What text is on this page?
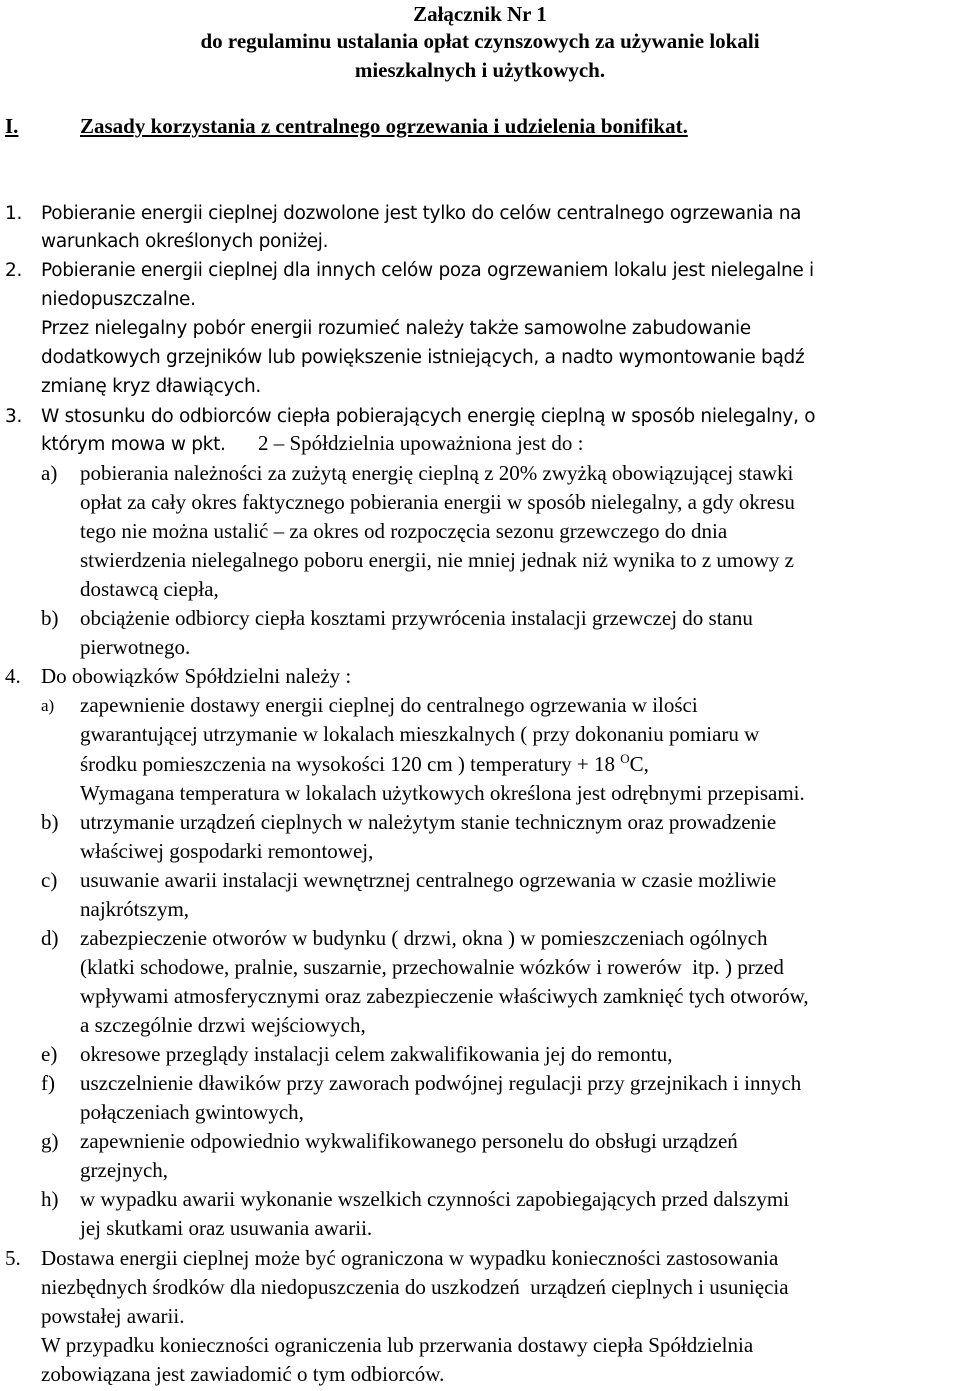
Załącznik Nr 1
do regulaminu ustalania opłat czynszowych za używanie lokali
mieszkalnych i użytkowych.
I.	Zasady korzystania z centralnego ogrzewania i udzielenia bonifikat.
1. Pobieranie energii cieplnej dozwolone jest tylko do celów centralnego ogrzewania na
warunkach określonych poniżej.
2. Pobieranie energii cieplnej dla innych celów poza ogrzewaniem lokalu jest nielegalne i
niedopuszczalne.
Przez nielegalny pobór energii rozumieć należy także samowolne zabudowanie
dodatkowych grzejników lub powiększenie istniejących, a nadto wymontowanie bądź
zmianę kryz dławiących.
3. W stosunku do odbiorców ciepła pobierających energię cieplną w sposób nielegalny, o
którym mowa w pkt. 2 – Spółdzielnia upoważniona jest do :
a) pobierania należności za zużytą energię cieplną z 20% zwyżką obowiązującej stawki
opłat za cały okres faktycznego pobierania energii w sposób nielegalny, a gdy okresu
tego nie można ustalić – za okres od rozpoczęcia sezonu grzewczego do dnia
stwierdzenia nielegalnego poboru energii, nie mniej jednak niż wynika to z umowy z
dostawcą ciepła,
b) obciążenie odbiorcy ciepła kosztami przywrócenia instalacji grzewczej do stanu
pierwotnego.
4. Do obowiązków Spółdzielni należy :
a) zapewnienie dostawy energii cieplnej do centralnego ogrzewania w ilości
gwarantującej utrzymanie w lokalach mieszkalnych ( przy dokonaniu pomiaru w
środku pomieszczenia na wysokości 120 cm ) temperatury + 18 $^O$C,
Wymagana temperatura w lokalach użytkowych określona jest odrębnymi przepisami.
b) utrzymanie urządzeń cieplnych w należytym stanie technicznym oraz prowadzenie
właściwej gospodarki remontowej,
c) usuwanie awarii instalacji wewnętrznej centralnego ogrzewania w czasie możliwie
najkrótszym,
d) zabezpieczenie otworów w budynku ( drzwi, okna ) w pomieszczeniach ogólnych
(klatki schodowe, pralnie, suszarnie, przechowalnie wózków i rowerów  itp. ) przed
wpływami atmosferycznymi oraz zabezpieczenie właściwych zamknięć tych otworów,
a szczególnie drzwi wejściowych,
e) okresowe przeglądy instalacji celem zakwalifikowania jej do remontu,
f) uszczelnienie dławików przy zaworach podwójnej regulacji przy grzejnikach i innych
połączeniach gwintowych,
g) zapewnienie odpowiednio wykwalifikowanego personelu do obsługi urządzeń
grzejnych,
h) w wypadku awarii wykonanie wszelkich czynności zapobiegających przed dalszymi
jej skutkami oraz usuwania awarii.
5. Dostawa energii cieplnej może być ograniczona w wypadku konieczności zastosowania
niezbędnych środków dla niedopuszczenia do uszkodzeń  urządzeń cieplnych i usunięcia
powstałej awarii.
W przypadku konieczności ograniczenia lub przerwania dostawy ciepła Spółdzielnia
zobowiązana jest zawiadomić o tym odbiorców.
